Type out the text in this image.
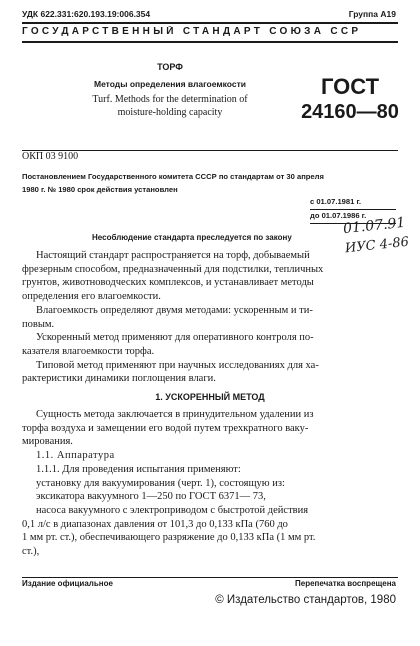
УДК 622.331:620.193.19:006.354	Группа А19
ГОСУДАРСТВЕННЫЙ СТАНДАРТ СОЮЗА ССР
ТОРФ
Методы определения влагоемкости
Turf. Methods for the determination of
moisture-holding capacity
ГОСТ
24160—80
ОКП 03 9100
Постановлением Государственного комитета СССР по стандартам от 30 апреля
1980 г. № 1980 срок действия установлен
с 01.07.1981 г.
до 01.07.1986 г.
01.07.91
ИУС 4-86
Несоблюдение стандарта преследуется по закону
Настоящий стандарт распространяется на торф, добываемый
фрезерным способом, предназначенный для подстилки, тепличных
грунтов, животноводческих комплексов, и устанавливает методы
определения его влагоемкости.
Влагоемкость определяют двумя методами: ускоренным и ти-
повым.
Ускоренный метод применяют для оперативного контроля по-
казателя влагоемкости торфа.
Типовой метод применяют при научных исследованиях для ха-
рактеристики динамики поглощения влаги.
1. УСКОРЕННЫЙ МЕТОД
Сущность метода заключается в принудительном удалении из
торфа воздуха и замещении его водой путем трехкратного ваку-
мирования.
1.1. Аппаратура
1.1.1. Для проведения испытания применяют:
установку для вакуумирования (черт. 1), состоящую из:
эксикатора вакуумного 1—250 по ГОСТ 6371— 73,
насоса вакуумного с электроприводом с быстротой действия
0,1 л/с в диапазонах давления от 101,3 до 0,133 кПа (760 до
1 мм рт. ст.), обеспечивающего разряжение до 0,133 кПа (1 мм рт.
ст.),
Издание официальное	Перепечатка воспрещена
© Издательство стандартов, 1980
